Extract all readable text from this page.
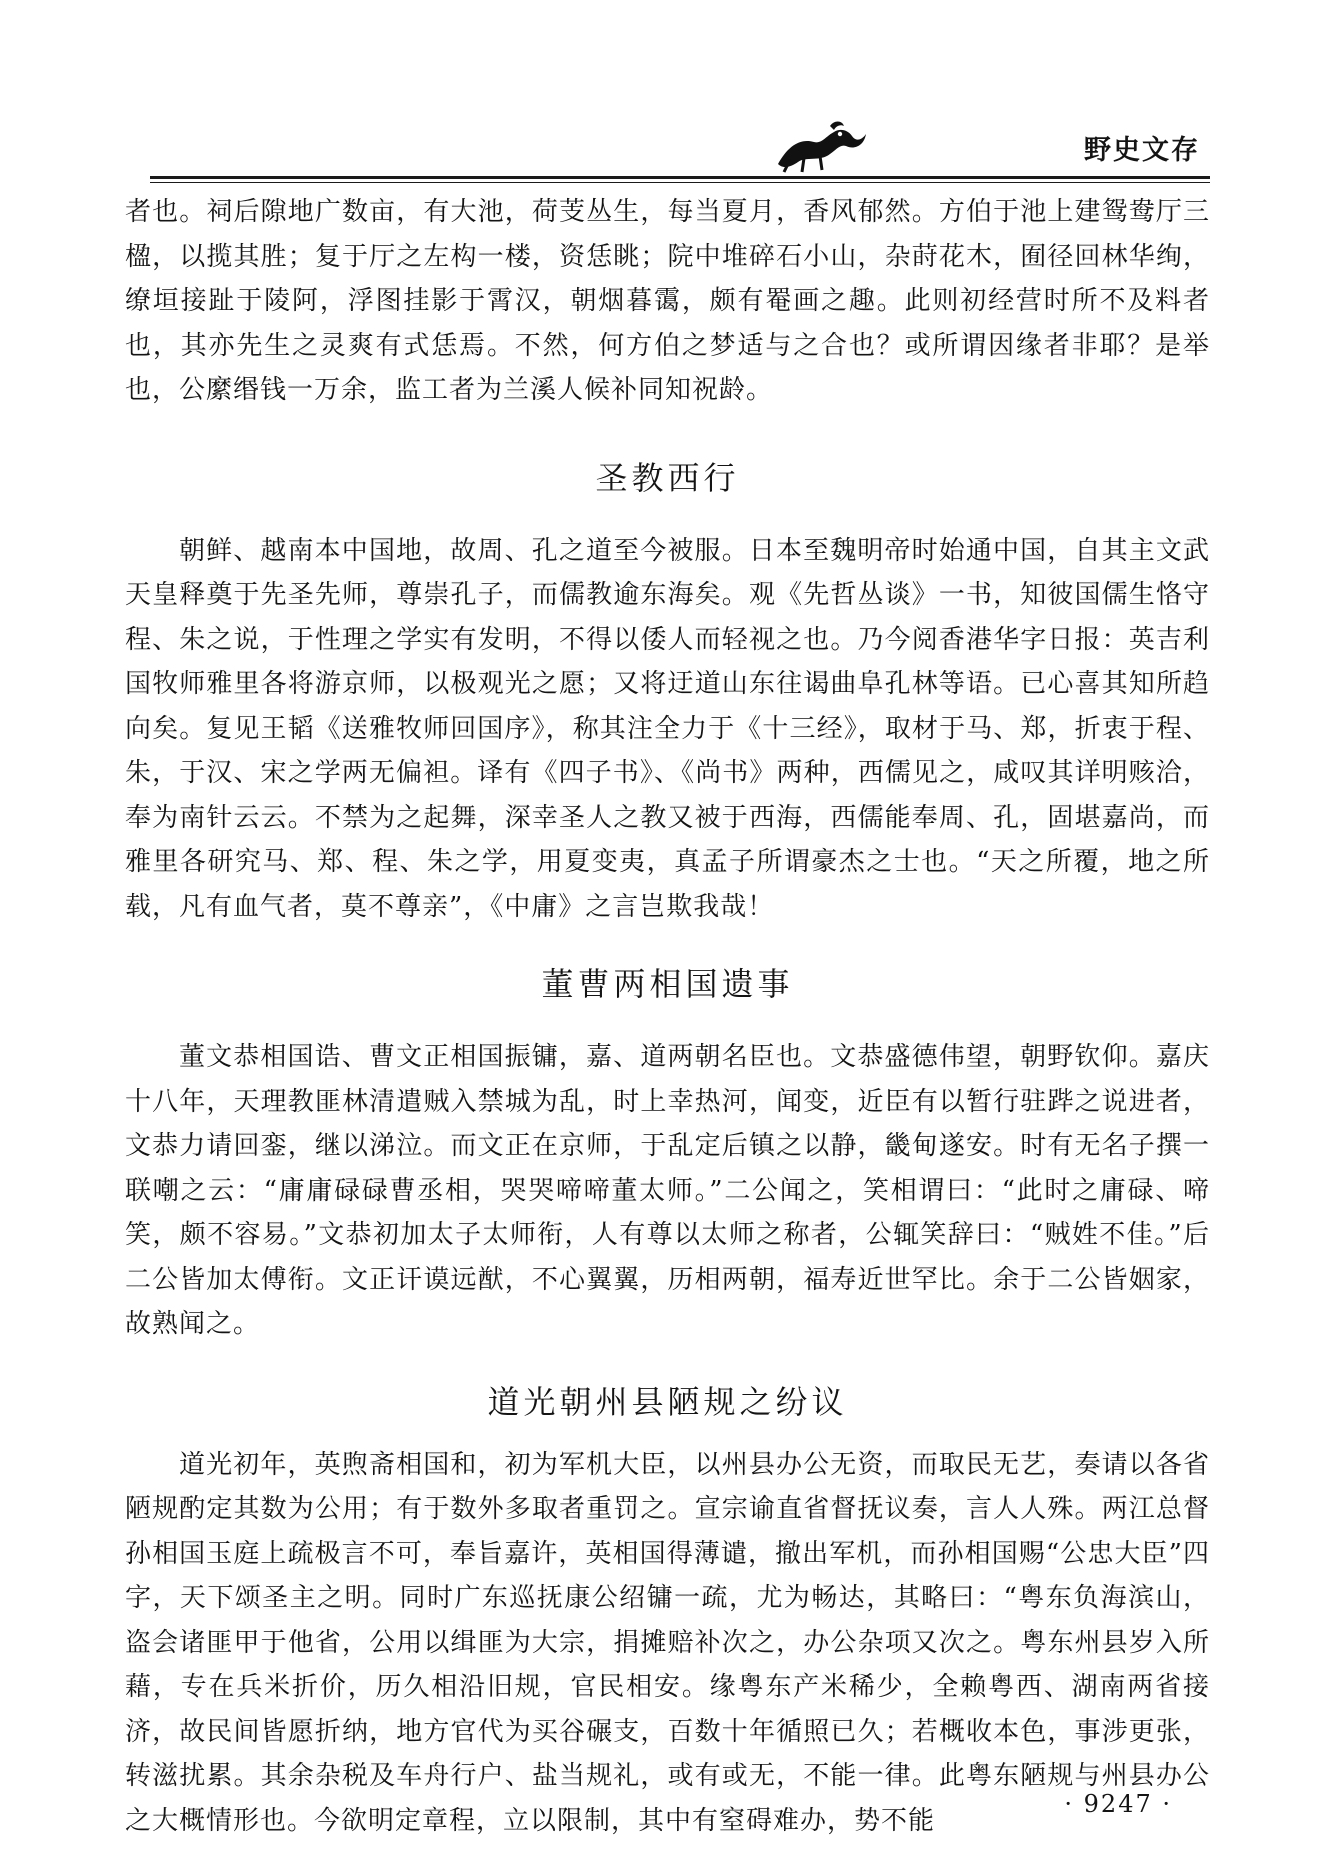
野史文存

者也。祠后隙地广数亩，有大池，荷芰丛生，每当夏月，香风郁然。方伯于池上建鸳鸯厅三楹，以揽其胜；复于厅之左构一楼，资恁眺；院中堆碎石小山，杂莳花木，囿径回林华绚，缭垣接趾于陵阿，浮图挂影于霄汉，朝烟暮霭，颇有罨画之趣。此则初经营时所不及料者也，其亦先生之灵爽有式恁焉。不然，何方伯之梦适与之合也？或所谓因缘者非耶？是举也，公縻缗钱一万余，监工者为兰溪人候补同知祝龄。

圣教西行

朝鲜、越南本中国地，故周、孔之道至今被服。日本至魏明帝时始通中国，自其主文武天皇释奠于先圣先师，尊崇孔子，而儒教逾东海矣。观《先哲丛谈》一书，知彼国儒生恪守程、朱之说，于性理之学实有发明，不得以倭人而轻视之也。乃今阅香港华字日报：英吉利国牧师雅里各将游京师，以极观光之愿；又将迂道山东往谒曲阜孔林等语。已心喜其知所趋向矣。复见王韬《送雅牧师回国序》，称其注全力于《十三经》，取材于马、郑，折衷于程、朱，于汉、宋之学两无偏袒。译有《四子书》、《尚书》两种，西儒见之，咸叹其详明赅洽，奉为南针云云。不禁为之起舞，深幸圣人之教又被于西海，西儒能奉周、孔，固堪嘉尚，而雅里各研究马、郑、程、朱之学，用夏变夷，真孟子所谓豪杰之士也。“天之所覆，地之所载，凡有血气者，莫不尊亲”，《中庸》之言岂欺我哉！

董曹两相国遗事

董文恭相国诰、曹文正相国振镛，嘉、道两朝名臣也。文恭盛德伟望，朝野钦仰。嘉庆十八年，天理教匪林清遣贼入禁城为乱，时上幸热河，闻变，近臣有以暂行驻跸之说进者，文恭力请回銮，继以涕泣。而文正在京师，于乱定后镇之以静，畿甸遂安。时有无名子撰一联嘲之云：“庸庸碌碌曹丞相，哭哭啼啼董太师。”二公闻之，笑相谓曰：“此时之庸碌、啼笑，颇不容易。”文恭初加太子太师衔，人有尊以太师之称者，公辄笑辞曰：“贼姓不佳。”后二公皆加太傅衔。文正讦谟远猷，不心翼翼，历相两朝，福寿近世罕比。余于二公皆姻家，故熟闻之。

道光朝州县陋规之纷议

道光初年，英煦斋相国和，初为军机大臣，以州县办公无资，而取民无艺，奏请以各省陋规酌定其数为公用；有于数外多取者重罚之。宣宗谕直省督抚议奏，言人人殊。两江总督孙相国玉庭上疏极言不可，奉旨嘉许，英相国得薄谴，撤出军机，而孙相国赐“公忠大臣”四字，天下颂圣主之明。同时广东巡抚康公绍镛一疏，尤为畅达，其略曰：“粤东负海滨山，盗会诸匪甲于他省，公用以缉匪为大宗，捐摊赔补次之，办公杂项又次之。粤东州县岁入所藉，专在兵米折价，历久相沿旧规，官民相安。缘粤东产米稀少，全赖粤西、湖南两省接济，故民间皆愿折纳，地方官代为买谷碾支，百数十年循照已久；若概收本色，事涉更张，转滋扰累。其余杂税及车舟行户、盐当规礼，或有或无，不能一律。此粤东陋规与州县办公之大概情形也。今欲明定章程，立以限制，其中有窒碍难办，势不能

· 9247 ·
